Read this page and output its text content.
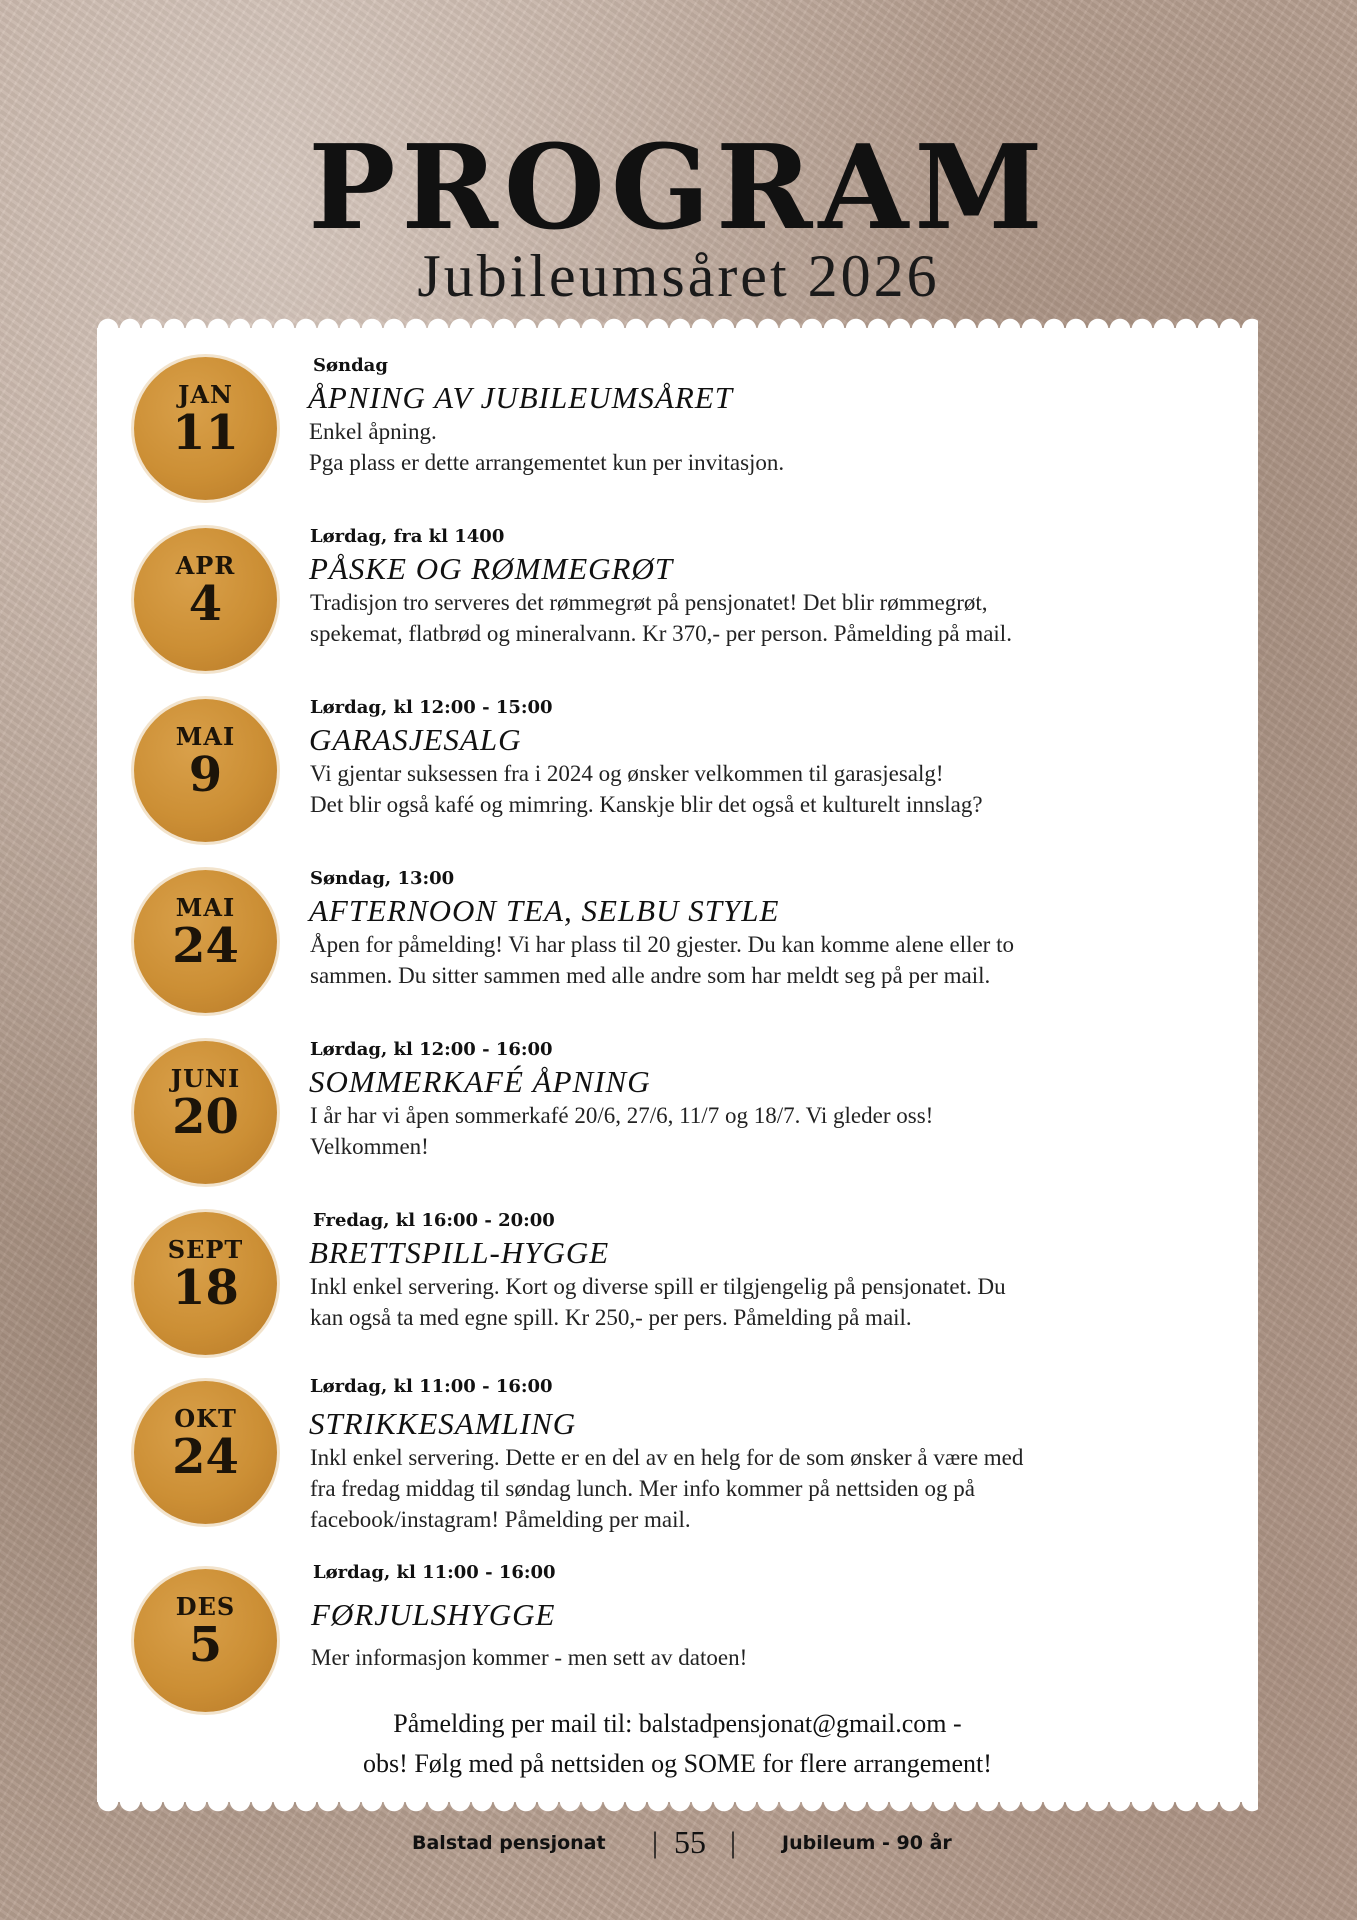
PROGRAM
Jubileumsåret 2026
JAN
11
Søndag
ÅPNING AV JUBILEUMSÅRET
Enkel åpning.
Pga plass er dette arrangementet kun per invitasjon.
APR
4
Lørdag, fra kl 1400
PÅSKE OG RØMMEGRØT
Tradisjon tro serveres det rømmegrøt på pensjonatet! Det blir rømmegrøt,
spekemat, flatbrød og mineralvann. Kr 370,- per person. Påmelding på mail.
MAI
9
Lørdag, kl 12:00 - 15:00
GARASJESALG
Vi gjentar suksessen fra i 2024 og ønsker velkommen til garasjesalg!
Det blir også kafé og mimring. Kanskje blir det også et kulturelt innslag?
MAI
24
Søndag, 13:00
AFTERNOON TEA, SELBU STYLE
Åpen for påmelding! Vi har plass til 20 gjester. Du kan komme alene eller to
sammen. Du sitter sammen med alle andre som har meldt seg på per mail.
JUNI
20
Lørdag, kl 12:00 - 16:00
SOMMERKAFÉ ÅPNING
I år har vi åpen sommerkafé 20/6, 27/6, 11/7 og 18/7. Vi gleder oss!
Velkommen!
SEPT
18
Fredag, kl 16:00 - 20:00
BRETTSPILL-HYGGE
Inkl enkel servering. Kort og diverse spill er tilgjengelig på pensjonatet. Du
kan også ta med egne spill. Kr 250,- per pers. Påmelding på mail.
OKT
24
Lørdag, kl 11:00 - 16:00
STRIKKESAMLING
Inkl enkel servering. Dette er en del av en helg for de som ønsker å være med
fra fredag middag til søndag lunch. Mer info kommer på nettsiden og på
facebook/instagram! Påmelding per mail.
DES
5
Lørdag, kl 11:00 - 16:00
FØRJULSHYGGE
Mer informasjon kommer - men sett av datoen!
Påmelding per mail til: balstadpensjonat@gmail.com -
obs! Følg med på nettsiden og SOME for flere arrangement!
Balstad pensjonat | 55 | Jubileum - 90 år
